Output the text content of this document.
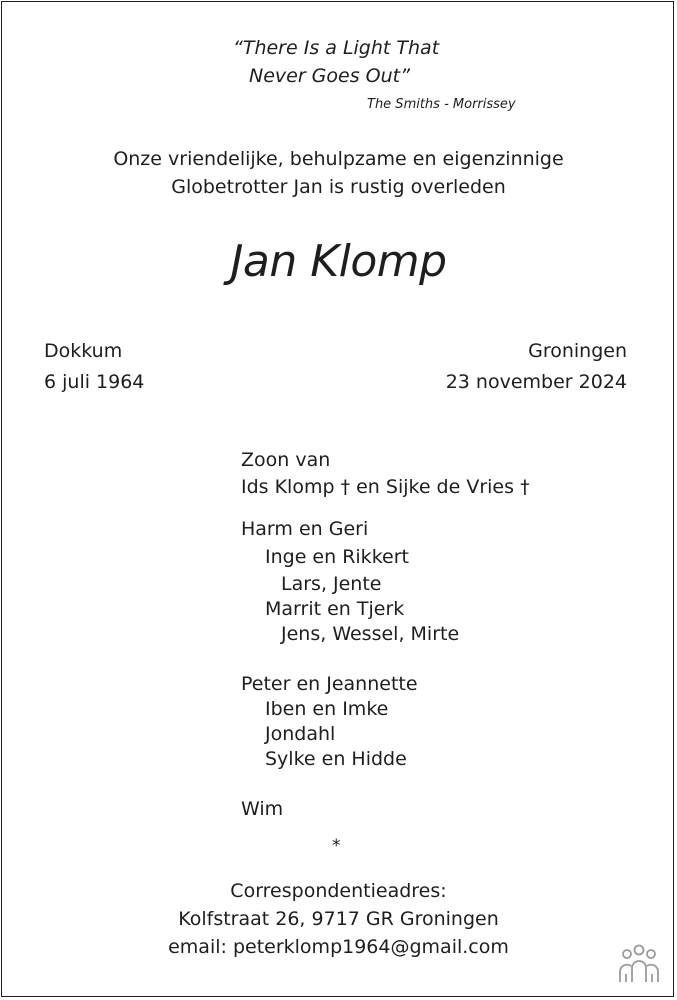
“There Is a Light That
Never Goes Out”
The Smiths - Morrissey
Onze vriendelijke, behulpzame en eigenzinnige
Globetrotter Jan is rustig overleden
Jan Klomp
Dokkum
6 juli 1964
Groningen
23 november 2024
Zoon van
Ids Klomp † en Sijke de Vries †
Harm en Geri
Inge en Rikkert
Lars, Jente
Marrit en Tjerk
Jens, Wessel, Mirte
Peter en Jeannette
Iben en Imke
Jondahl
Sylke en Hidde
Wim
*
Correspondentieadres:
Kolfstraat 26, 9717 GR Groningen
email: peterklomp1964@gmail.com
